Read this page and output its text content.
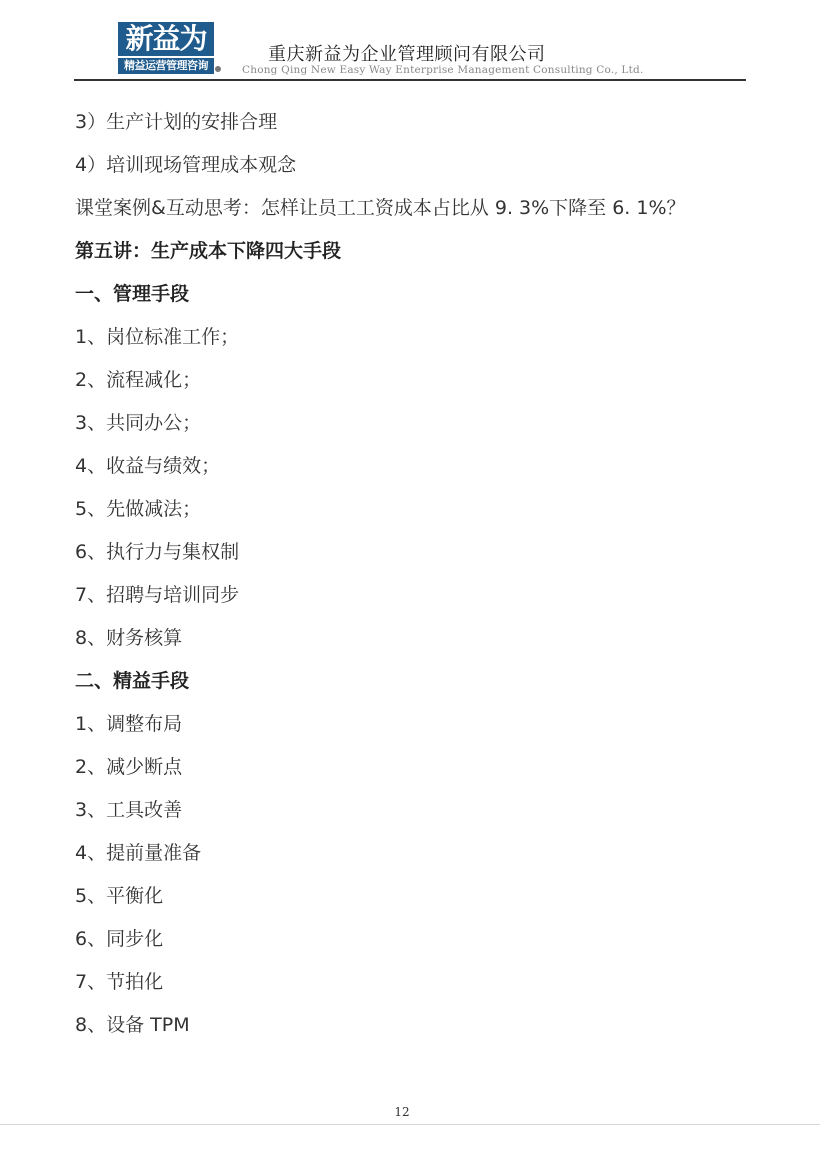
新益为
精益运营管理咨询
重庆新益为企业管理顾问有限公司
Chong Qing New Easy Way Enterprise Management Consulting Co., Ltd.
3）生产计划的安排合理
4）培训现场管理成本观念
课堂案例&互动思考：怎样让员工工资成本占比从 9. 3%下降至 6. 1%？
第五讲：生产成本下降四大手段
一、管理手段
1、岗位标准工作；
2、流程减化；
3、共同办公；
4、收益与绩效；
5、先做减法；
6、执行力与集权制
7、招聘与培训同步
8、财务核算
二、精益手段
1、调整布局
2、减少断点
3、工具改善
4、提前量准备
5、平衡化
6、同步化
7、节拍化
8、设备 TPM
12
